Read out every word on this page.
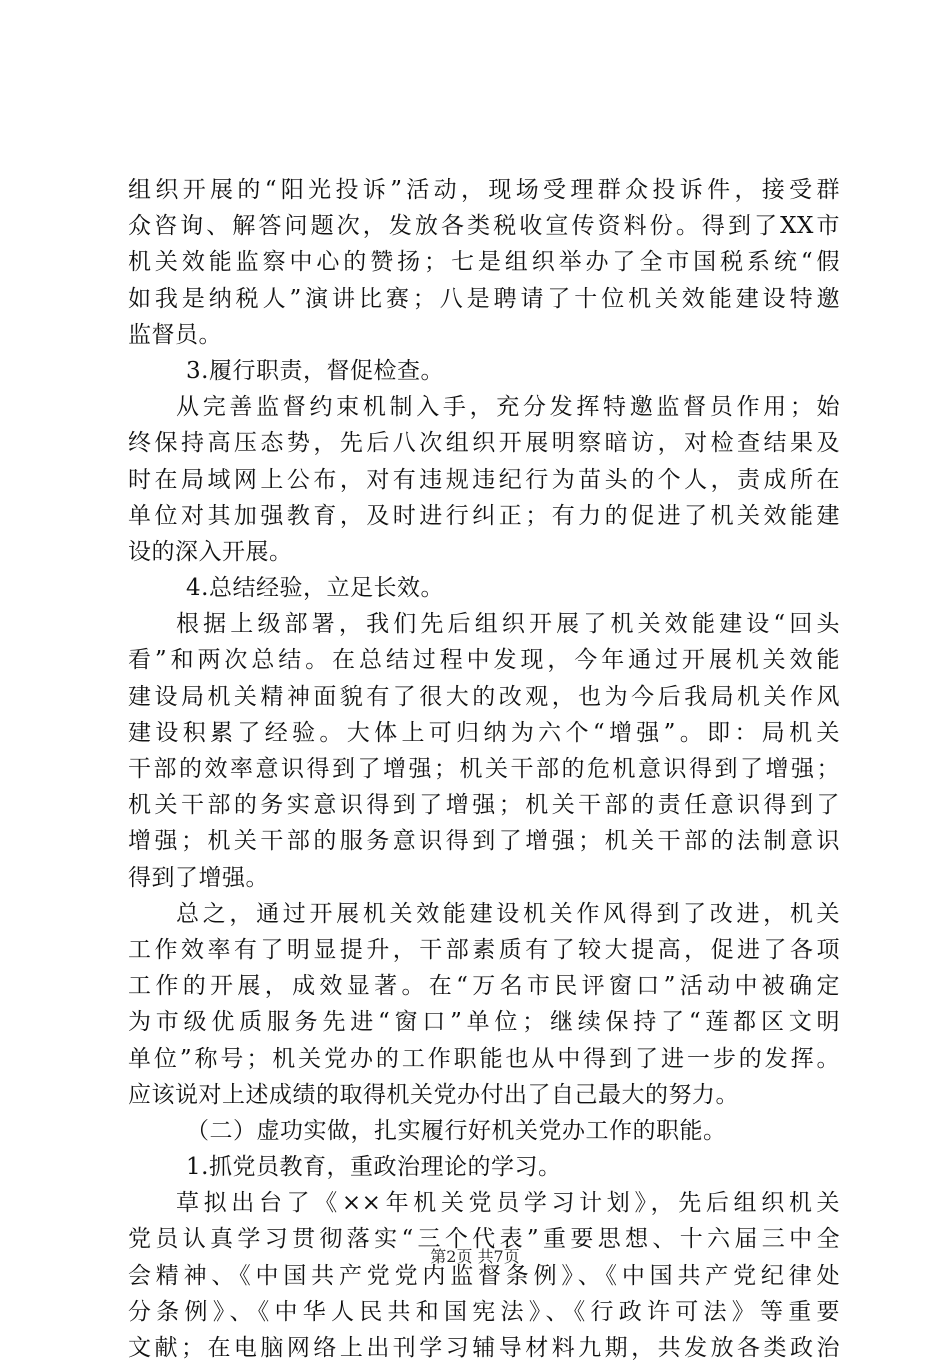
组织开展的“阳光投诉”活动，现场受理群众投诉件，接受群
众咨询、解答问题次，发放各类税收宣传资料份。得到了XX市
机关效能监察中心的赞扬；七是组织举办了全市国税系统“假
如我是纳税人”演讲比赛；八是聘请了十位机关效能建设特邀
监督员。
3.履行职责，督促检查。
从完善监督约束机制入手，充分发挥特邀监督员作用；始
终保持高压态势，先后八次组织开展明察暗访，对检查结果及
时在局域网上公布，对有违规违纪行为苗头的个人，责成所在
单位对其加强教育，及时进行纠正；有力的促进了机关效能建
设的深入开展。
4.总结经验，立足长效。
根据上级部署，我们先后组织开展了机关效能建设“回头
看”和两次总结。在总结过程中发现，今年通过开展机关效能
建设局机关精神面貌有了很大的改观，也为今后我局机关作风
建设积累了经验。大体上可归纳为六个“增强”。即：局机关
干部的效率意识得到了增强；机关干部的危机意识得到了增强；
机关干部的务实意识得到了增强；机关干部的责任意识得到了
增强；机关干部的服务意识得到了增强；机关干部的法制意识
得到了增强。
总之，通过开展机关效能建设机关作风得到了改进，机关
工作效率有了明显提升，干部素质有了较大提高，促进了各项
工作的开展，成效显著。在“万名市民评窗口”活动中被确定
为市级优质服务先进“窗口”单位；继续保持了“莲都区文明
单位”称号；机关党办的工作职能也从中得到了进一步的发挥。
应该说对上述成绩的取得机关党办付出了自己最大的努力。
（二）虚功实做，扎实履行好机关党办工作的职能。
1.抓党员教育，重政治理论的学习。
草拟出台了《××年机关党员学习计划》，先后组织机关
党员认真学习贯彻落实“三个代表”重要思想、十六届三中全
会精神、《中国共产党党内监督条例》、《中国共产党纪律处
分条例》、《中华人民共和国宪法》、《行政许可法》等重要
文献；在电脑网络上出刊学习辅导材料九期，共发放各类政治
第2页 共7页
